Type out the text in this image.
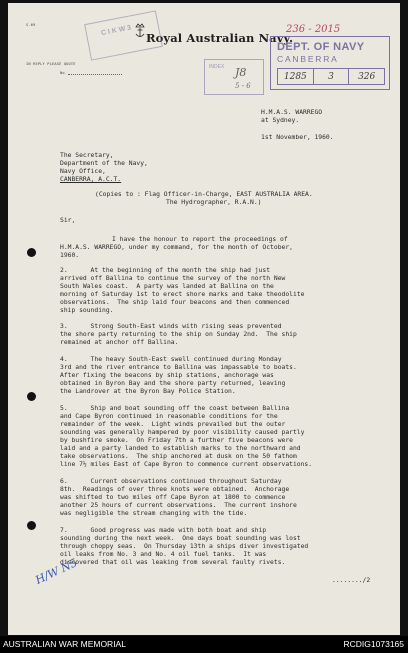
S.69
IN REPLY PLEASE QUOTE
No.
Royal Australian Navy.
C I K W 3	236 - 2015
DEPT. OF NAVY
CANBERRA
1285	3	326
INDEX J8
5 - 6
H.M.A.S. WARREGO
at Sydney.
1st November, 1960.
The Secretary,
Department of the Navy,
Navy Office,
CANBERRA, A.C.T.
(Copies to : Flag Officer-in-Charge, EAST AUSTRALIA AREA.
The Hydrographer, R.A.N.)
Sir,
I have the honour to report the proceedings of
H.M.A.S. WARREGO, under my command, for the month of October,
1960.
2.      At the beginning of the month the ship had just
arrived off Ballina to continue the survey of the north New
South Wales coast.  A party was landed at Ballina on the
morning of Saturday 1st to erect shore marks and take theodolite
observations.  The ship laid four beacons and then commenced
ship sounding.
3.      Strong South-East winds with rising seas prevented
the shore party returning to the ship on Sunday 2nd.  The ship
remained at anchor off Ballina.
4.      The heavy South-East swell continued during Monday
3rd and the river entrance to Ballina was impassable to boats.
After fixing the beacons by ship stations, anchorage was
obtained in Byron Bay and the shore party returned, leaving
the Landrover at the Byron Bay Police Station.
5.      Ship and boat sounding off the coast between Ballina
and Cape Byron continued in reasonable conditions for the
remainder of the week.  Light winds prevailed but the outer
sounding was generally hampered by poor visibility caused partly
by bushfire smoke.  On Friday 7th a further five beacons were
laid and a party landed to establish marks to the northward and
take observations.  The ship anchored at dusk on the 50 fathom
line 7½ miles East of Cape Byron to commence current observations.
6.      Current observations continued throughout Saturday
8th.  Readings of over three knots were obtained.  Anchorage
was shifted to two miles off Cape Byron at 1800 to commence
another 25 hours of current observations.  The current inshore
was negligible the stream changing with the tide.
7.      Good progress was made with both boat and ship
sounding during the next week.  One days boat sounding was lost
through choppy seas.  On Thursday 13th a ships diver investigated
oil leaks from No. 3 and No. 4 oil fuel tanks.  It was
discovered that oil was leaking from several faulty rivets.
......../2
H/W N5
AUSTRALIAN WAR MEMORIAL	RCDIG1073165
